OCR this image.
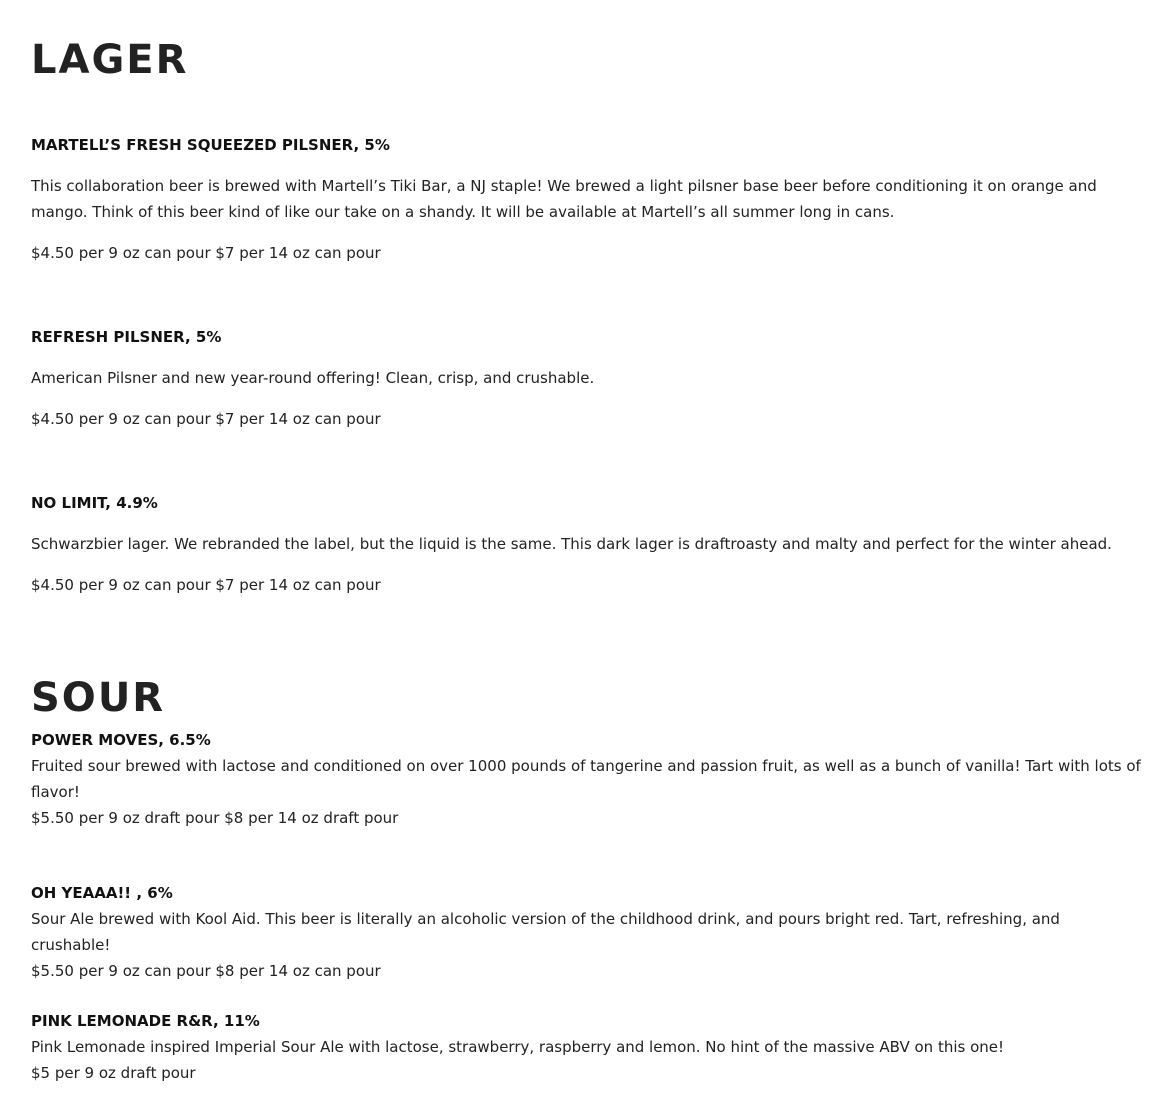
LAGER

MARTELL’S FRESH SQUEEZED PILSNER, 5%

This collaboration beer is brewed with Martell’s Tiki Bar, a NJ staple! We brewed a light pilsner base beer before conditioning it on orange and mango. Think of this beer kind of like our take on a shandy. It will be available at Martell’s all summer long in cans.

$4.50 per 9 oz can pour $7 per 14 oz can pour

REFRESH PILSNER, 5%

American Pilsner and new year-round offering! Clean, crisp, and crushable.

$4.50 per 9 oz can pour $7 per 14 oz can pour

NO LIMIT, 4.9%

Schwarzbier lager. We rebranded the label, but the liquid is the same. This dark lager is draftroasty and malty and perfect for the winter ahead.

$4.50 per 9 oz can pour $7 per 14 oz can pour

SOUR

POWER MOVES, 6.5%

Fruited sour brewed with lactose and conditioned on over 1000 pounds of tangerine and passion fruit, as well as a bunch of vanilla! Tart with lots of flavor!

$5.50 per 9 oz draft pour $8 per 14 oz draft pour

OH YEAAA!! , 6%

Sour Ale brewed with Kool Aid. This beer is literally an alcoholic version of the childhood drink, and pours bright red. Tart, refreshing, and crushable!

$5.50 per 9 oz can pour $8 per 14 oz can pour

PINK LEMONADE R&R, 11%

Pink Lemonade inspired Imperial Sour Ale with lactose, strawberry, raspberry and lemon. No hint of the massive ABV on this one!

$5 per 9 oz draft pour
